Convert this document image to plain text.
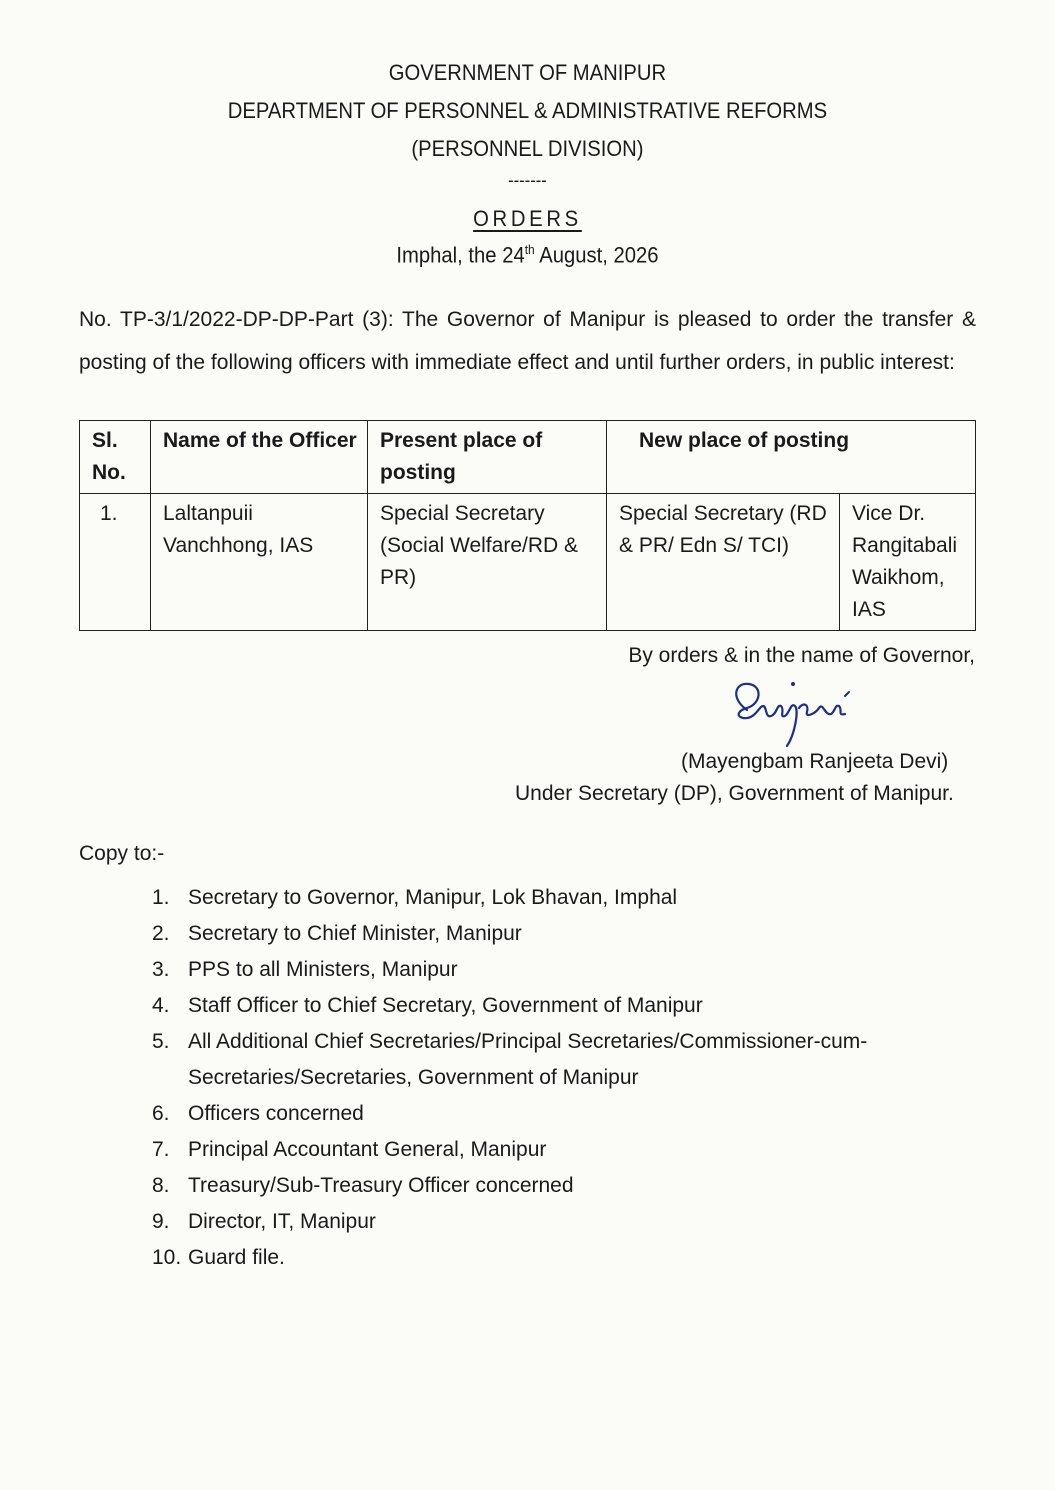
GOVERNMENT OF MANIPUR
DEPARTMENT OF PERSONNEL & ADMINISTRATIVE REFORMS
(PERSONNEL DIVISION)
-------
ORDERS
Imphal, the 24th August, 2026
No. TP-3/1/2022-DP-DP-Part (3): The Governor of Manipur is pleased to order the transfer & posting of the following officers with immediate effect and until further orders, in public interest:
Sl. No.	Name of the Officer	Present place of posting	New place of posting	
1.	Laltanpuii Vanchhong, IAS	Special Secretary (Social Welfare/RD & PR)	Special Secretary (RD & PR/ Edn S/ TCI)	Vice Dr. Rangitabali Waikhom, IAS
By orders & in the name of Governor,
(Mayengbam Ranjeeta Devi)
Under Secretary (DP), Government of Manipur.
Copy to:-
1. Secretary to Governor, Manipur, Lok Bhavan, Imphal
2. Secretary to Chief Minister, Manipur
3. PPS to all Ministers, Manipur
4. Staff Officer to Chief Secretary, Government of Manipur
5. All Additional Chief Secretaries/Principal Secretaries/Commissioner-cum-Secretaries/Secretaries, Government of Manipur
6. Officers concerned
7. Principal Accountant General, Manipur
8. Treasury/Sub-Treasury Officer concerned
9. Director, IT, Manipur
10. Guard file.
